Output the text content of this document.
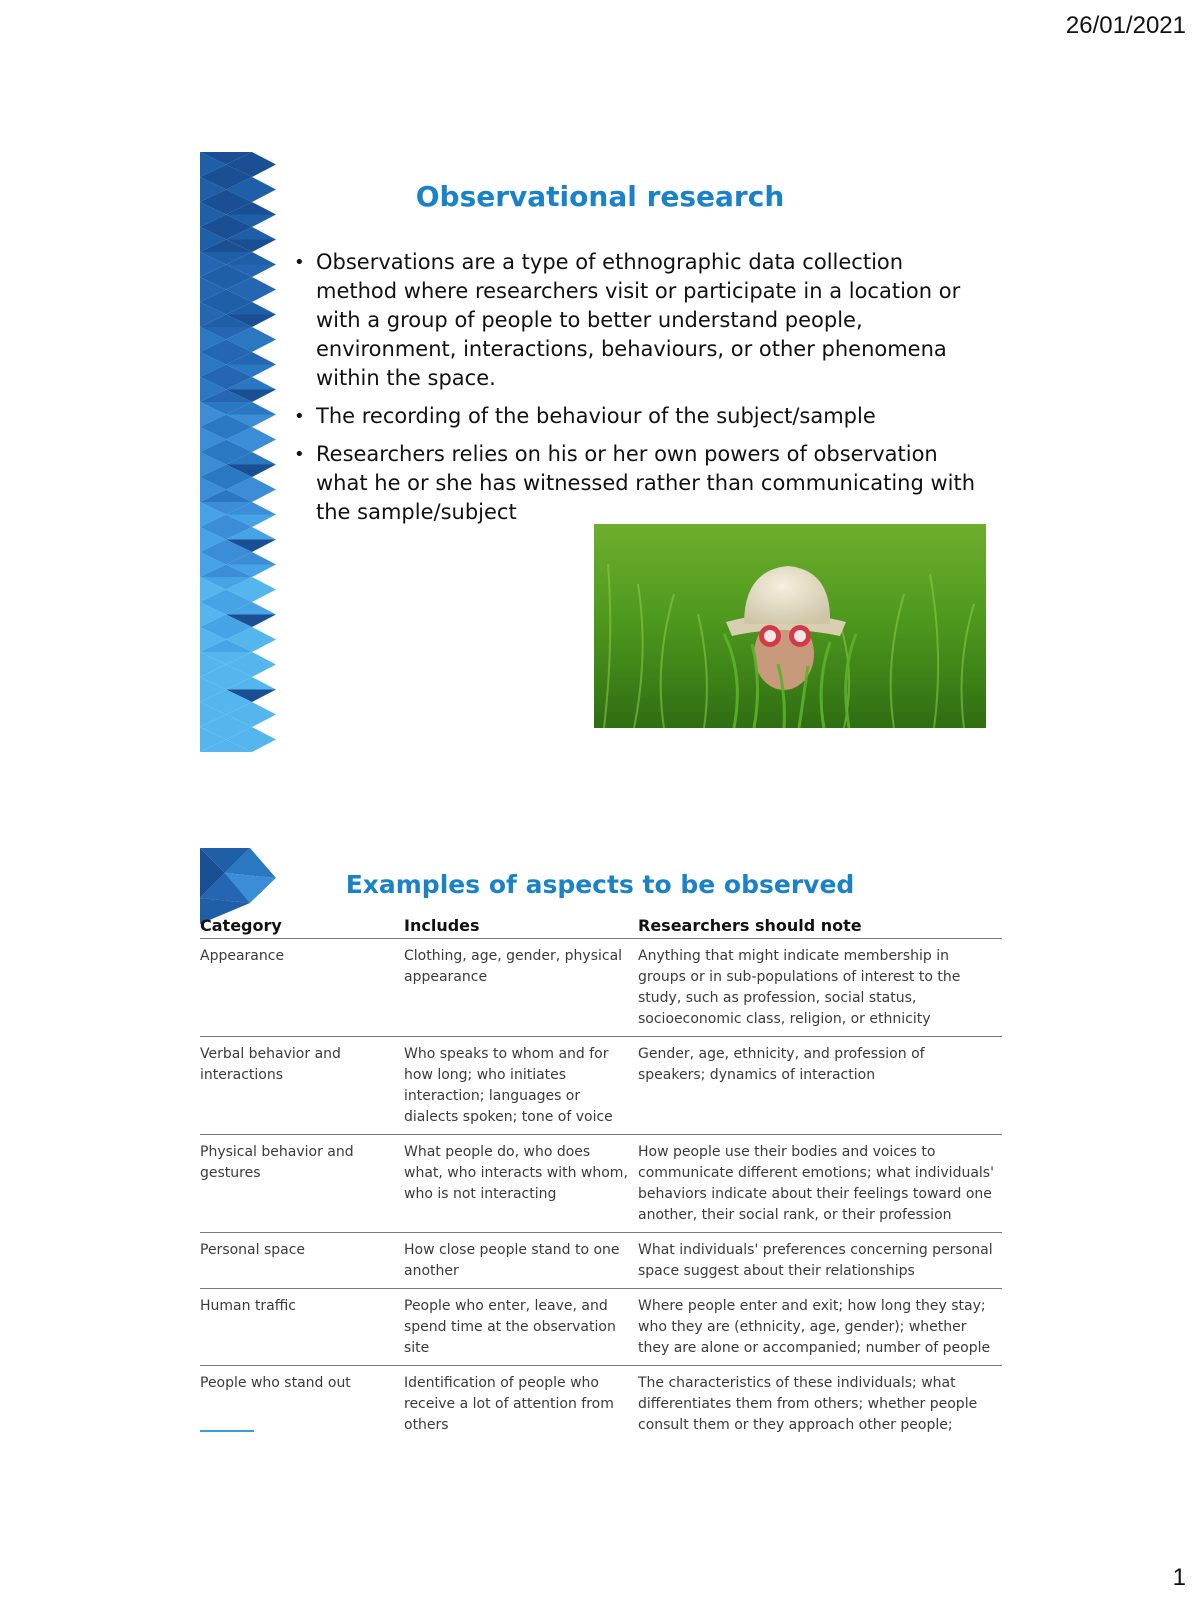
26/01/2021
Observational research
• Observations are a type of ethnographic data collection method where researchers visit or participate in a location or with a group of people to better understand people, environment, interactions, behaviours, or other phenomena within the space.
• The recording of the behaviour of the subject/sample
• Researchers relies on his or her own powers of observation what he or she has witnessed rather than communicating with the sample/subject
Examples of aspects to be observed
Category	Includes	Researchers should note
Appearance	Clothing, age, gender, physical appearance	Anything that might indicate membership in groups or in sub-populations of interest to the study, such as profession, social status, socioeconomic class, religion, or ethnicity
Verbal behavior and interactions	Who speaks to whom and for how long; who initiates interaction; languages or dialects spoken; tone of voice	Gender, age, ethnicity, and profession of speakers; dynamics of interaction
Physical behavior and gestures	What people do, who does what, who interacts with whom, who is not interacting	How people use their bodies and voices to communicate different emotions; what individuals' behaviors indicate about their feelings toward one another, their social rank, or their profession
Personal space	How close people stand to one another	What individuals' preferences concerning personal space suggest about their relationships
Human traffic	People who enter, leave, and spend time at the observation site	Where people enter and exit; how long they stay; who they are (ethnicity, age, gender); whether they are alone or accompanied; number of people
People who stand out	Identification of people who receive a lot of attention from others	The characteristics of these individuals; what differentiates them from others; whether people consult them or they approach other people;
1
